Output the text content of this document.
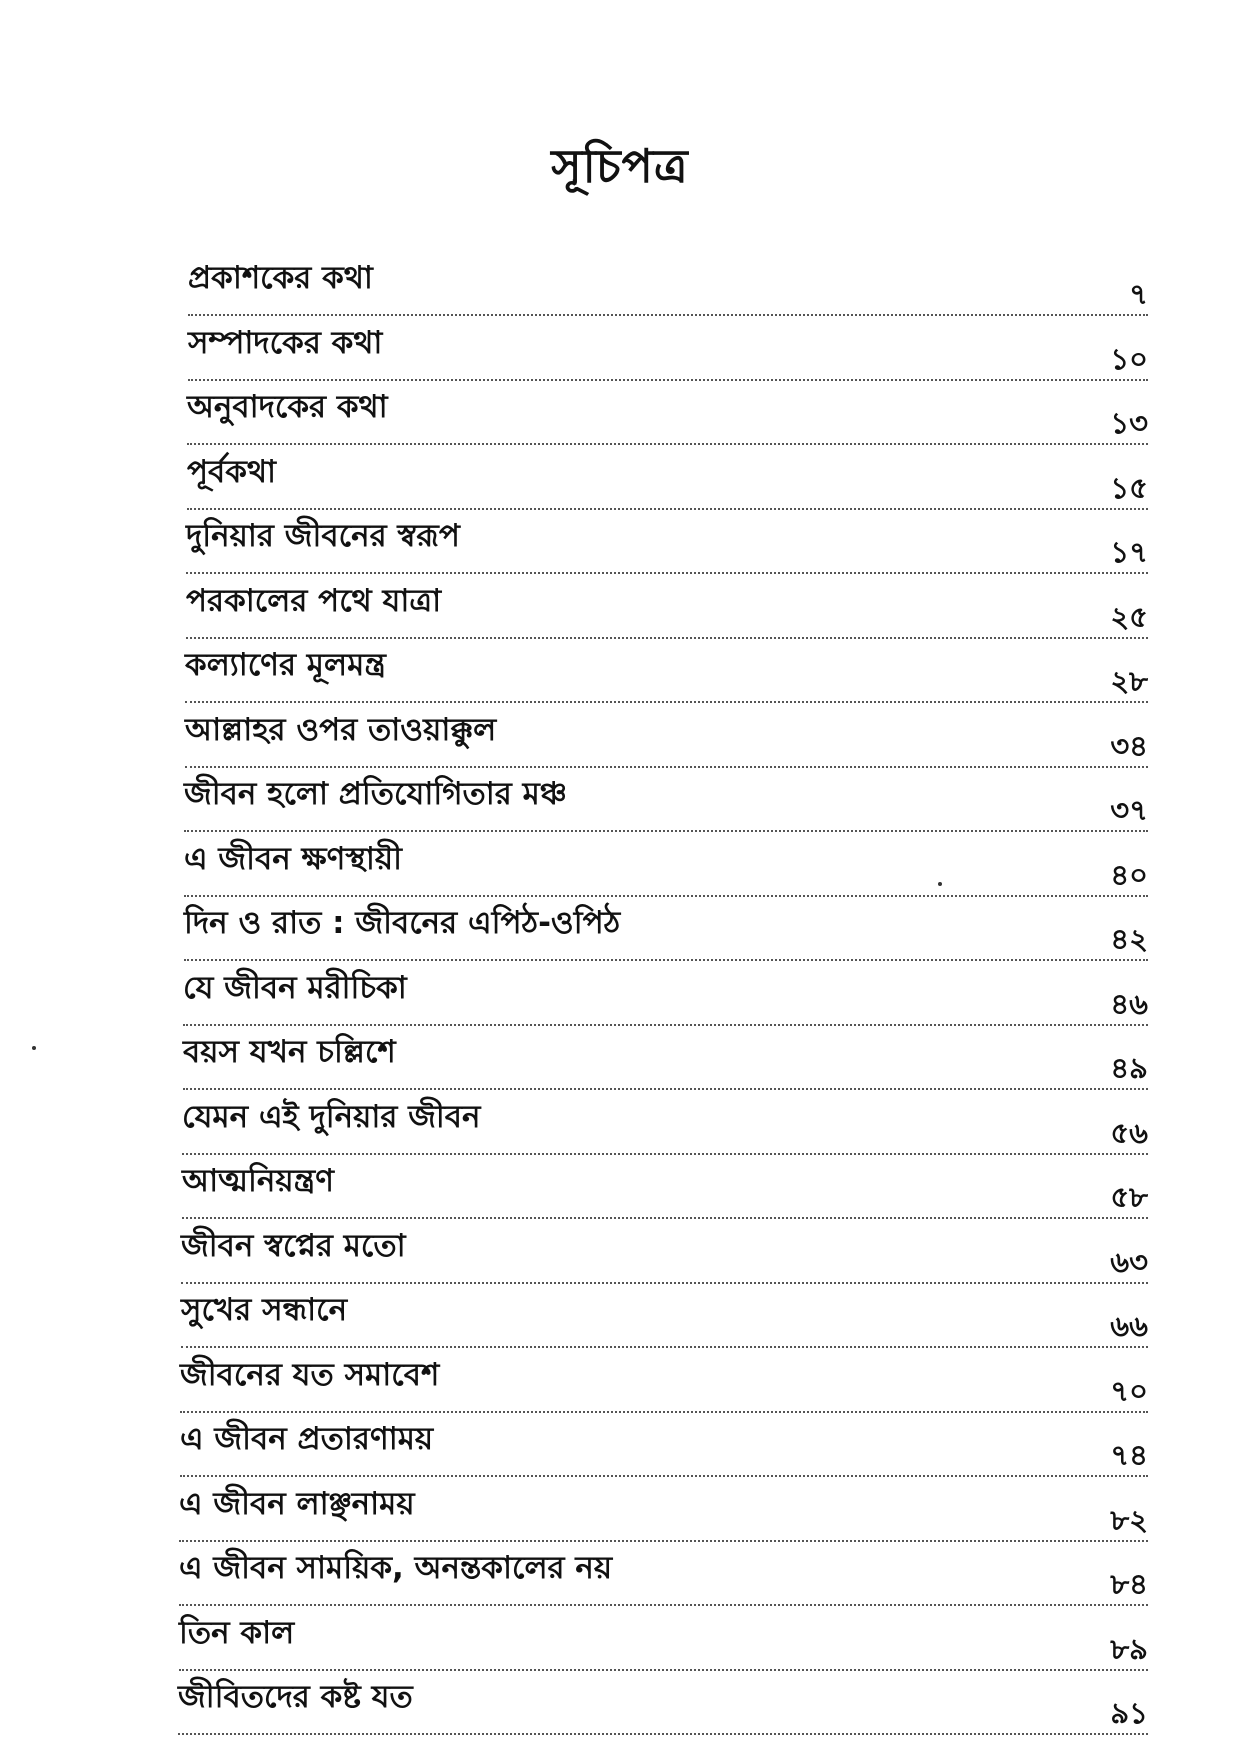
সূচিপত্র
প্রকাশকের কথা	৭
সম্পাদকের কথা	১০
অনুবাদকের কথা	১৩
পূর্বকথা	১৫
দুনিয়ার জীবনের স্বরূপ	১৭
পরকালের পথে যাত্রা	২৫
কল্যাণের মূলমন্ত্র	২৮
আল্লাহর ওপর তাওয়াক্কুল	৩৪
জীবন হলো প্রতিযোগিতার মঞ্চ	৩৭
এ জীবন ক্ষণস্থায়ী	৪০
দিন ও রাত : জীবনের এপিঠ-ওপিঠ	৪২
যে জীবন মরীচিকা	৪৬
বয়স যখন চল্লিশে	৪৯
যেমন এই দুনিয়ার জীবন	৫৬
আত্মনিয়ন্ত্রণ	৫৮
জীবন স্বপ্নের মতো	৬৩
সুখের সন্ধানে	৬৬
জীবনের যত সমাবেশ	৭০
এ জীবন প্রতারণাময়	৭৪
এ জীবন লাঞ্ছনাময়	৮২
এ জীবন সাময়িক, অনন্তকালের নয়	৮৪
তিন কাল	৮৯
জীবিতদের কষ্ট যত	৯১
